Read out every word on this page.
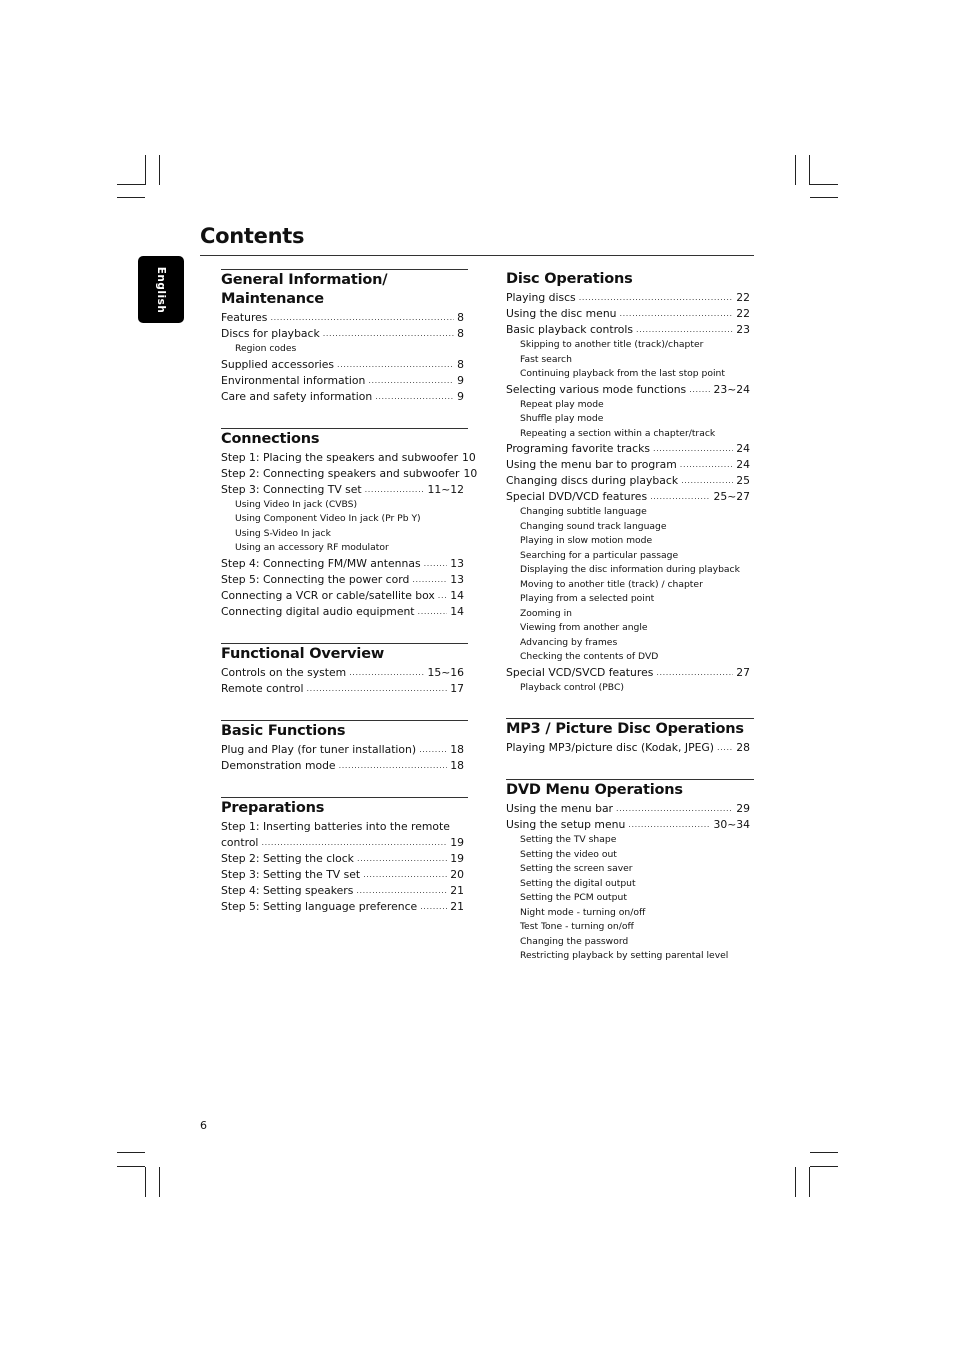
English
Contents
General Information/ Maintenance
Features .....	8
Discs for playback .....	8
Region codes
Supplied accessories .....	8
Environmental information .....	9
Care and safety information .....	9
Connections
Step 1: Placing the speakers and subwoofer 10
Step 2: Connecting speakers and subwoofer 10
Step 3: Connecting TV set .....	11~12
Using Video In jack (CVBS)
Using Component Video In jack (Pr Pb Y)
Using S-Video In jack
Using an accessory RF modulator
Step 4: Connecting FM/MW antennas .....	13
Step 5: Connecting the power cord .....	13
Connecting a VCR or cable/satellite box ..... 14
Connecting digital audio equipment .....	14
Functional Overview
Controls on the system .....	15~16
Remote control .....	17
Basic Functions
Plug and Play (for tuner installation) .....	18
Demonstration mode .....	18
Preparations
Step 1: Inserting batteries into the remote
control .....	19
Step 2: Setting the clock .....	19
Step 3: Setting the TV set .....	20
Step 4: Setting speakers .....	21
Step 5: Setting language preference .....	21
Disc Operations
Playing discs .....	22
Using the disc menu .....	22
Basic playback controls .....	23
Skipping to another title (track)/chapter
Fast search
Continuing playback from the last stop point
Selecting various mode functions .....	23~24
Repeat play mode
Shuffle play mode
Repeating a section within a chapter/track
Programing favorite tracks .....	24
Using the menu bar to program .....	24
Changing discs during playback .....	25
Special DVD/VCD features .....	25~27
Changing subtitle language
Changing sound track language
Playing in slow motion mode
Searching for a particular passage
Displaying the disc information during playback
Moving to another title (track) / chapter
Playing from a selected point
Zooming in
Viewing from another angle
Advancing by frames
Checking the contents of DVD
Special VCD/SVCD features .....	27
Playback control (PBC)
MP3 / Picture Disc Operations
Playing MP3/picture disc (Kodak, JPEG) ..... 28
DVD Menu Operations
Using the menu bar .....	29
Using the setup menu .....	30~34
Setting the TV shape
Setting the video out
Setting the screen saver
Setting the digital output
Setting the PCM output
Night mode - turning on/off
Test Tone - turning on/off
Changing the password
Restricting playback by setting parental level
6
